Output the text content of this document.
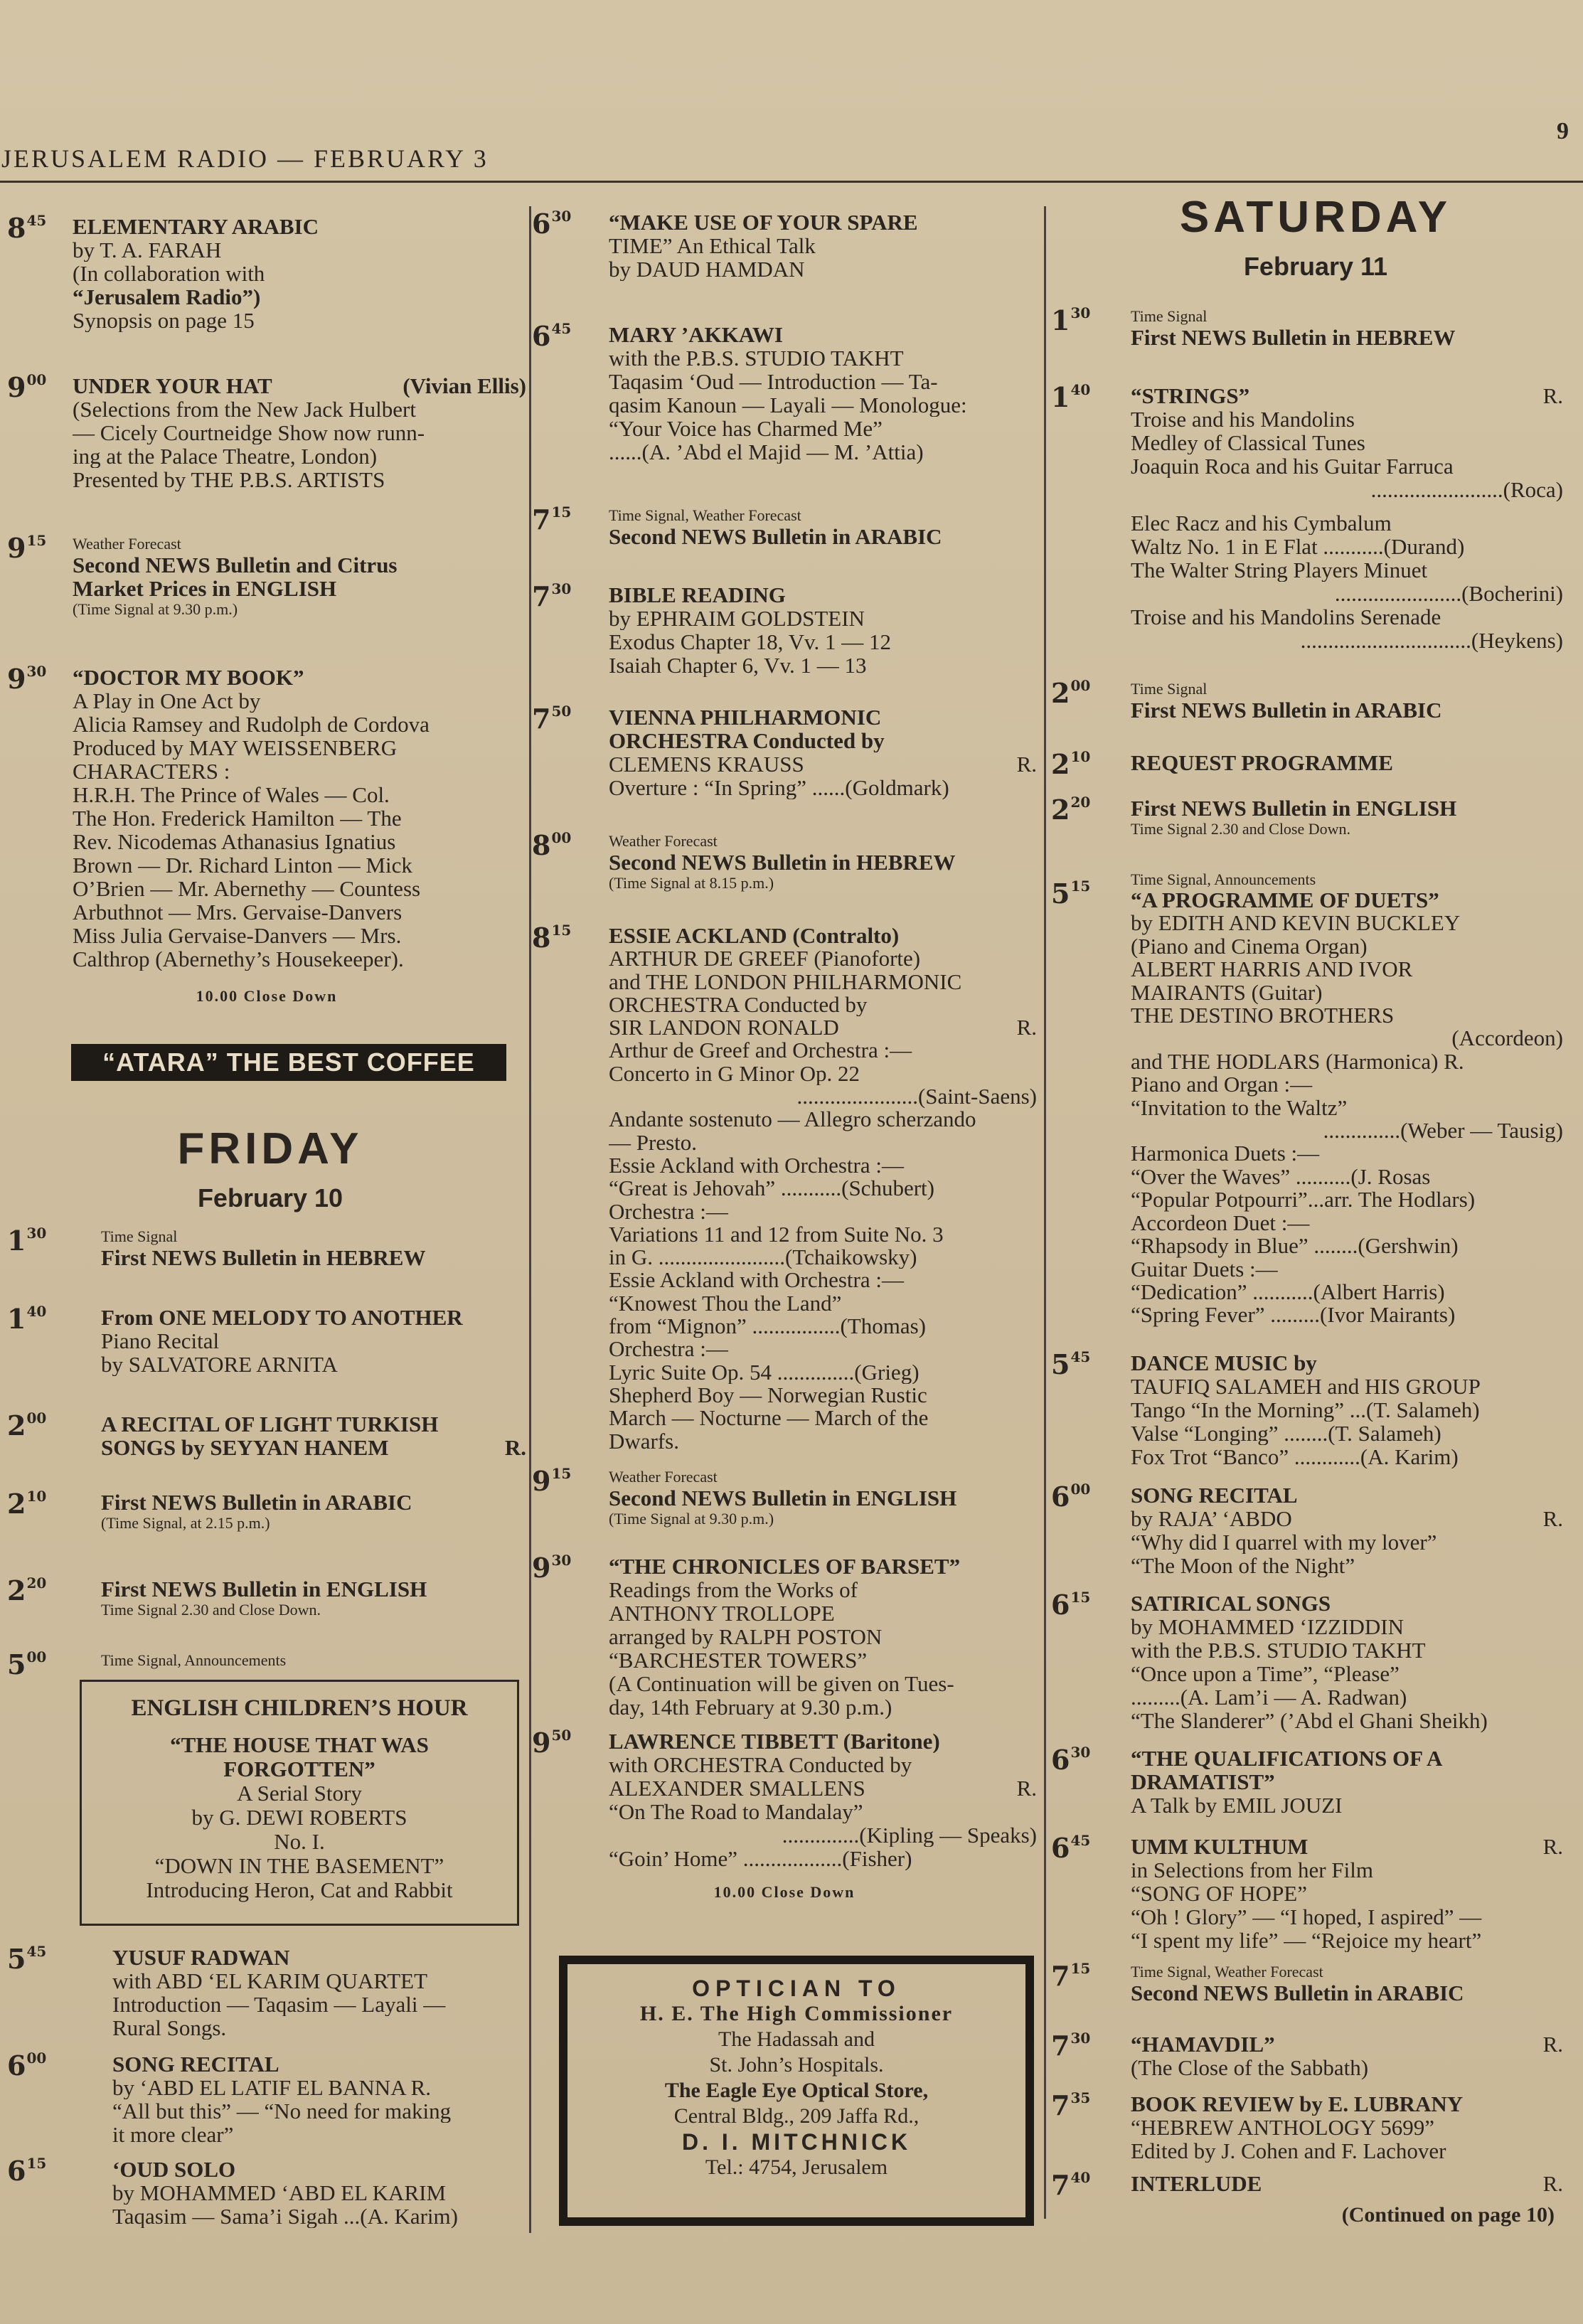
JERUSALEM RADIO — FEBRUARY 3
9
$8^{45}$ ELEMENTARY ARABIC
by T. A. FARAH
(In collaboration with
“Jerusalem Radio”)
Synopsis on page 15
$9^{00}$ UNDER YOUR HAT	(Vivian Ellis)
(Selections from the New Jack Hulbert
— Cicely Courtneidge Show now runn-
ing at the Palace Theatre, London)
Presented by THE P.B.S. ARTISTS
$9^{15}$ Weather Forecast
Second NEWS Bulletin and Citrus
Market Prices in ENGLISH
(Time Signal at 9.30 p.m.)
$9^{30}$ “DOCTOR MY BOOK”
A Play in One Act by
Alicia Ramsey and Rudolph de Cordova
Produced by MAY WEISSENBERG
CHARACTERS :
H.R.H. The Prince of Wales — Col.
The Hon. Frederick Hamilton — The
Rev. Nicodemas Athanasius Ignatius
Brown — Dr. Richard Linton — Mick
O’Brien — Mr. Abernethy — Countess
Arbuthnot — Mrs. Gervaise-Danvers
Miss Julia Gervaise-Danvers — Mrs.
Calthrop (Abernethy’s Housekeeper).
10.00 Close Down
“ATARA” THE BEST COFFEE
FRIDAY
February 10
$1^{30}$	Time Signal
First NEWS Bulletin in HEBREW
$1^{40}$ From ONE MELODY TO ANOTHER
Piano Recital
by SALVATORE ARNITA
$2^{00}$ A RECITAL OF LIGHT TURKISH
SONGS by SEYYAN HANEM	R.
$2^{10}$ First NEWS Bulletin in ARABIC
(Time Signal, at 2.15 p.m.)
$2^{20}$ First NEWS Bulletin in ENGLISH
Time Signal 2.30 and Close Down.
$5^{00}$	Time Signal, Announcements
ENGLISH CHILDREN’S HOUR
“THE HOUSE THAT WAS
FORGOTTEN”
A Serial Story
by G. DEWI ROBERTS
No. I.
“DOWN IN THE BASEMENT”
Introducing Heron, Cat and Rabbit
$5^{45}$	YUSUF RADWAN
with ABD ‘EL KARIM QUARTET
Introduction — Taqasim — Layali —
Rural Songs.
$6^{00}$	SONG RECITAL
by ‘ABD EL LATIF EL BANNA R.
“All but this” — “No need for making
it more clear”
$6^{15}$	‘OUD SOLO
by MOHAMMED ‘ABD EL KARIM
Taqasim — Sama’i Sigah ...(A. Karim)
$6^{30}$ “MAKE USE OF YOUR SPARE
TIME” An Ethical Talk
by DAUD HAMDAN
$6^{45}$ MARY ’AKKAWI
with the P.B.S. STUDIO TAKHT
Taqasim ‘Oud — Introduction — Ta-
qasim Kanoun — Layali — Monologue:
“Your Voice has Charmed Me”
......(A. ’Abd el Majid — M. ’Attia)
$7^{15}$ Time Signal, Weather Forecast
Second NEWS Bulletin in ARABIC
$7^{30}$ BIBLE READING
by EPHRAIM GOLDSTEIN
Exodus Chapter 18, Vv. 1 — 12
Isaiah Chapter 6, Vv. 1 — 13
$7^{50}$ VIENNA PHILHARMONIC
ORCHESTRA Conducted by
CLEMENS KRAUSS	R.
Overture : “In Spring” ......(Goldmark)
$8^{00}$ Weather Forecast
Second NEWS Bulletin in HEBREW
(Time Signal at 8.15 p.m.)
$8^{15}$ ESSIE ACKLAND (Contralto)
ARTHUR DE GREEF (Pianoforte)
and THE LONDON PHILHARMONIC
ORCHESTRA Conducted by
SIR LANDON RONALD	R.
Arthur de Greef and Orchestra :—
Concerto in G Minor Op. 22
......................(Saint-Saens)
Andante sostenuto — Allegro scherzando
— Presto.
Essie Ackland with Orchestra :—
“Great is Jehovah” ...........(Schubert)
Orchestra :—
Variations 11 and 12 from Suite No. 3
in G. .......................(Tchaikowsky)
Essie Ackland with Orchestra :—
“Knowest Thou the Land”
from “Mignon” ................(Thomas)
Orchestra :—
Lyric Suite Op. 54 ..............(Grieg)
Shepherd Boy — Norwegian Rustic
March — Nocturne — March of the
Dwarfs.
$9^{15}$ Weather Forecast
Second NEWS Bulletin in ENGLISH
(Time Signal at 9.30 p.m.)
$9^{30}$ “THE CHRONICLES OF BARSET”
Readings from the Works of
ANTHONY TROLLOPE
arranged by RALPH POSTON
“BARCHESTER TOWERS”
(A Continuation will be given on Tues-
day, 14th February at 9.30 p.m.)
$9^{50}$ LAWRENCE TIBBETT (Baritone)
with ORCHESTRA Conducted by
ALEXANDER SMALLENS	R.
“On The Road to Mandalay”
..............(Kipling — Speaks)
“Goin’ Home” ..................(Fisher)
10.00 Close Down
OPTICIAN TO
H. E. The High Commissioner
The Hadassah and
St. John’s Hospitals.
The Eagle Eye Optical Store,
Central Bldg., 209 Jaffa Rd.,
D. I. MITCHNICK
Tel.: 4754, Jerusalem
SATURDAY
February 11
$1^{30}$	Time Signal
First NEWS Bulletin in HEBREW
$1^{40}$ “STRINGS”	R.
Troise and his Mandolins
Medley of Classical Tunes
Joaquin Roca and his Guitar Farruca
........................(Roca)
Elec Racz and his Cymbalum
Waltz No. 1 in E Flat ...........(Durand)
The Walter String Players Minuet
.......................(Bocherini)
Troise and his Mandolins Serenade
...............................(Heykens)
$2^{00}$	Time Signal
First NEWS Bulletin in ARABIC
$2^{10}$ REQUEST PROGRAMME
$2^{20}$ First NEWS Bulletin in ENGLISH
Time Signal 2.30 and Close Down.
$5^{15}$	Time Signal, Announcements
“A PROGRAMME OF DUETS”
by EDITH AND KEVIN BUCKLEY
(Piano and Cinema Organ)
ALBERT HARRIS AND IVOR
MAIRANTS (Guitar)
THE DESTINO BROTHERS
(Accordeon)
and THE HODLARS (Harmonica) R.
Piano and Organ :—
“Invitation to the Waltz”
..............(Weber — Tausig)
Harmonica Duets :—
“Over the Waves” ..........(J. Rosas
“Popular Potpourri”...arr. The Hodlars)
Accordeon Duet :—
“Rhapsody in Blue” ........(Gershwin)
Guitar Duets :—
“Dedication” ...........(Albert Harris)
“Spring Fever” .........(Ivor Mairants)
$5^{45}$ DANCE MUSIC by
TAUFIQ SALAMEH and HIS GROUP
Tango “In the Morning” ...(T. Salameh)
Valse “Longing” ........(T. Salameh)
Fox Trot “Banco” ............(A. Karim)
$6^{00}$ SONG RECITAL
by RAJA’ ‘ABDO	R.
“Why did I quarrel with my lover”
“The Moon of the Night”
$6^{15}$ SATIRICAL SONGS
by MOHAMMED ‘IZZIDDIN
with the P.B.S. STUDIO TAKHT
“Once upon a Time”, “Please”
.........(A. Lam’i — A. Radwan)
“The Slanderer” (’Abd el Ghani Sheikh)
$6^{30}$ “THE QUALIFICATIONS OF A
DRAMATIST”
A Talk by EMIL JOUZI
$6^{45}$ UMM KULTHUM	R.
in Selections from her Film
“SONG OF HOPE”
“Oh ! Glory” — “I hoped, I aspired” —
“I spent my life” — “Rejoice my heart”
$7^{15}$	Time Signal, Weather Forecast
Second NEWS Bulletin in ARABIC
$7^{30}$ “HAMAVDIL”	R.
(The Close of the Sabbath)
$7^{35}$ BOOK REVIEW by E. LUBRANY
“HEBREW ANTHOLOGY 5699”
Edited by J. Cohen and F. Lachover
$7^{40}$ INTERLUDE	R.
(Continued on page 10)
